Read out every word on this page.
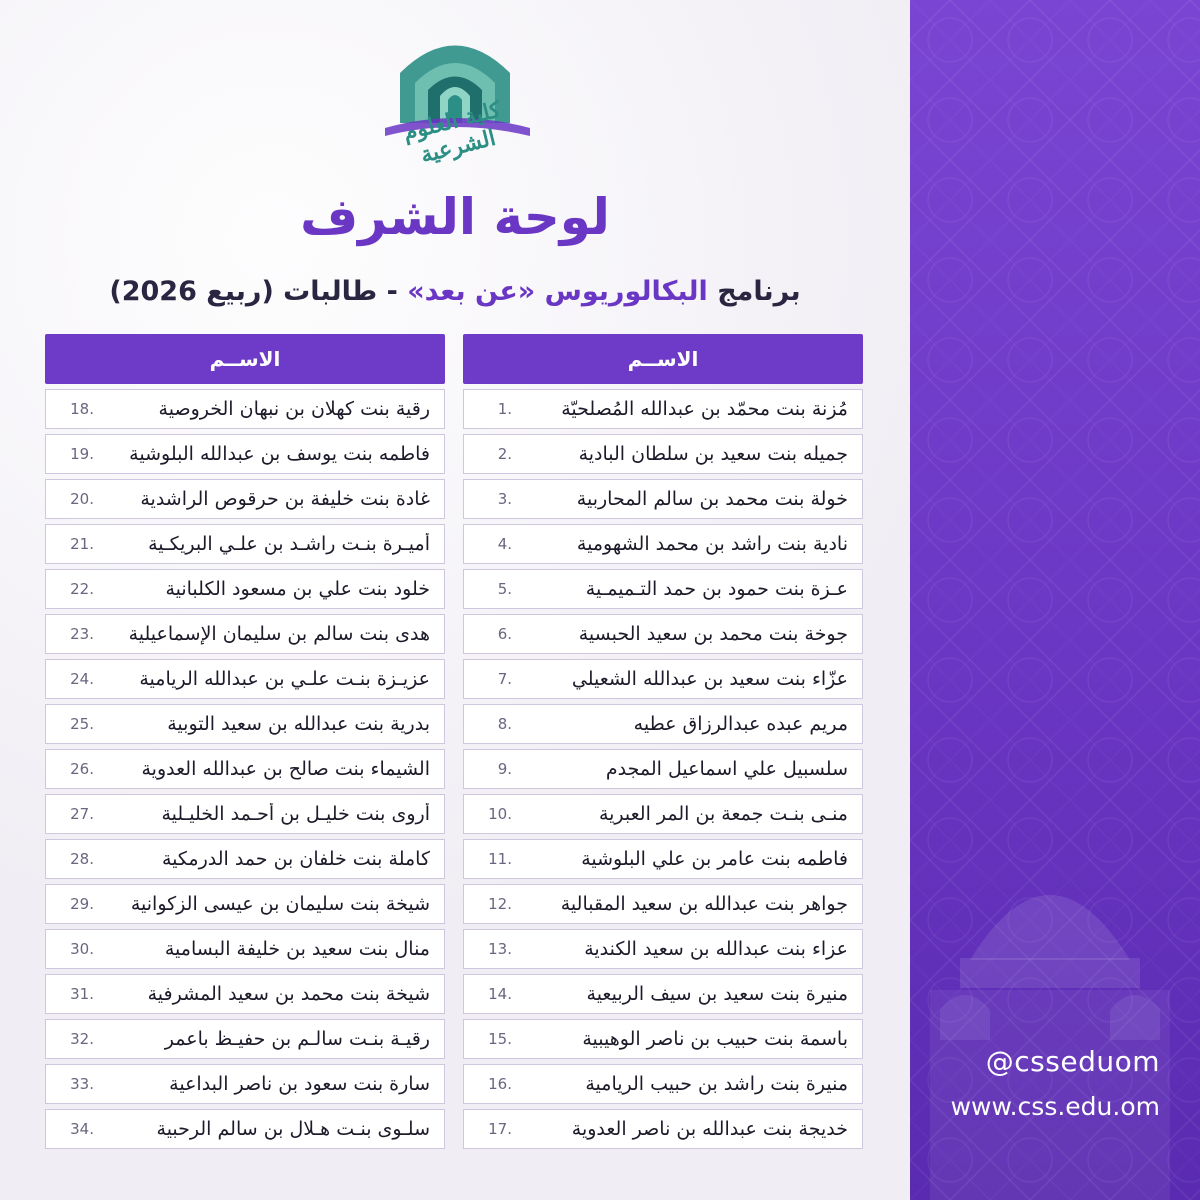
كلية العلوم الشرعية
لوحة الشرف
برنامج البكالوريوس «عن بعد» - طالبات (ربيع 2026)
الاســم
مُزنة بنت محمّد بن عبدالله المُصلحيّة
1.
جميله بنت سعيد بن سلطان البادية
2.
خولة بنت محمد بن سالم المحاربية
3.
نادية بنت راشد بن محمد الشهومية
4.
عـزة بنت حمود بن حمد التـميمـية
5.
جوخة بنت محمد بن سعيد الحبسية
6.
عزّاء بنت سعيد بن عبدالله الشعيلي
7.
مريم عبده عبدالرزاق عطيه
8.
سلسبيل علي اسماعيل المجدم
9.
منـى بنـت جمعة بن المر العبرية
10.
فاطمه بنت عامر بن علي البلوشية
11.
جواهر بنت عبدالله بن سعيد المقبالية
12.
عزاء بنت عبدالله بن سعيد الكندية
13.
منيرة بنت سعيد بن سيف الربيعية
14.
باسمة بنت حبيب بن ناصر الوهيبية
15.
منيرة بنت راشد بن حبيب الريامية
16.
خديجة بنت عبدالله بن ناصر العدوية
17.
الاســم
رقية بنت كهلان بن نبهان الخروصية
18.
فاطمه بنت يوسف بن عبدالله البلوشية
19.
غادة بنت خليفة بن حرقوص الراشدية
20.
أميـرة بنـت راشـد بن علـي البريكـية
21.
خلود بنت علي بن مسعود الكلبانية
22.
هدى بنت سالم بن سليمان الإسماعيلية
23.
عزيـزة بنـت علـي بن عبدالله الريامية
24.
بدرية بنت عبدالله بن سعيد التوبية
25.
الشيماء بنت صالح بن عبدالله العدوية
26.
أروى بنت خليـل بن أحـمد الخليـلية
27.
كاملة بنت خلفان بن حمد الدرمكية
28.
شيخة بنت سليمان بن عيسى الزكوانية
29.
منال بنت سعيد بن خليفة البسامية
30.
شيخة بنت محمد بن سعيد المشرفية
31.
رقيـة بنـت سالـم بن حفيـظ باعمر
32.
سارة بنت سعود بن ناصر البداعية
33.
سلـوى بنـت هـلال بن سالم الرحبية
34.
@csseduom
www.css.edu.om
